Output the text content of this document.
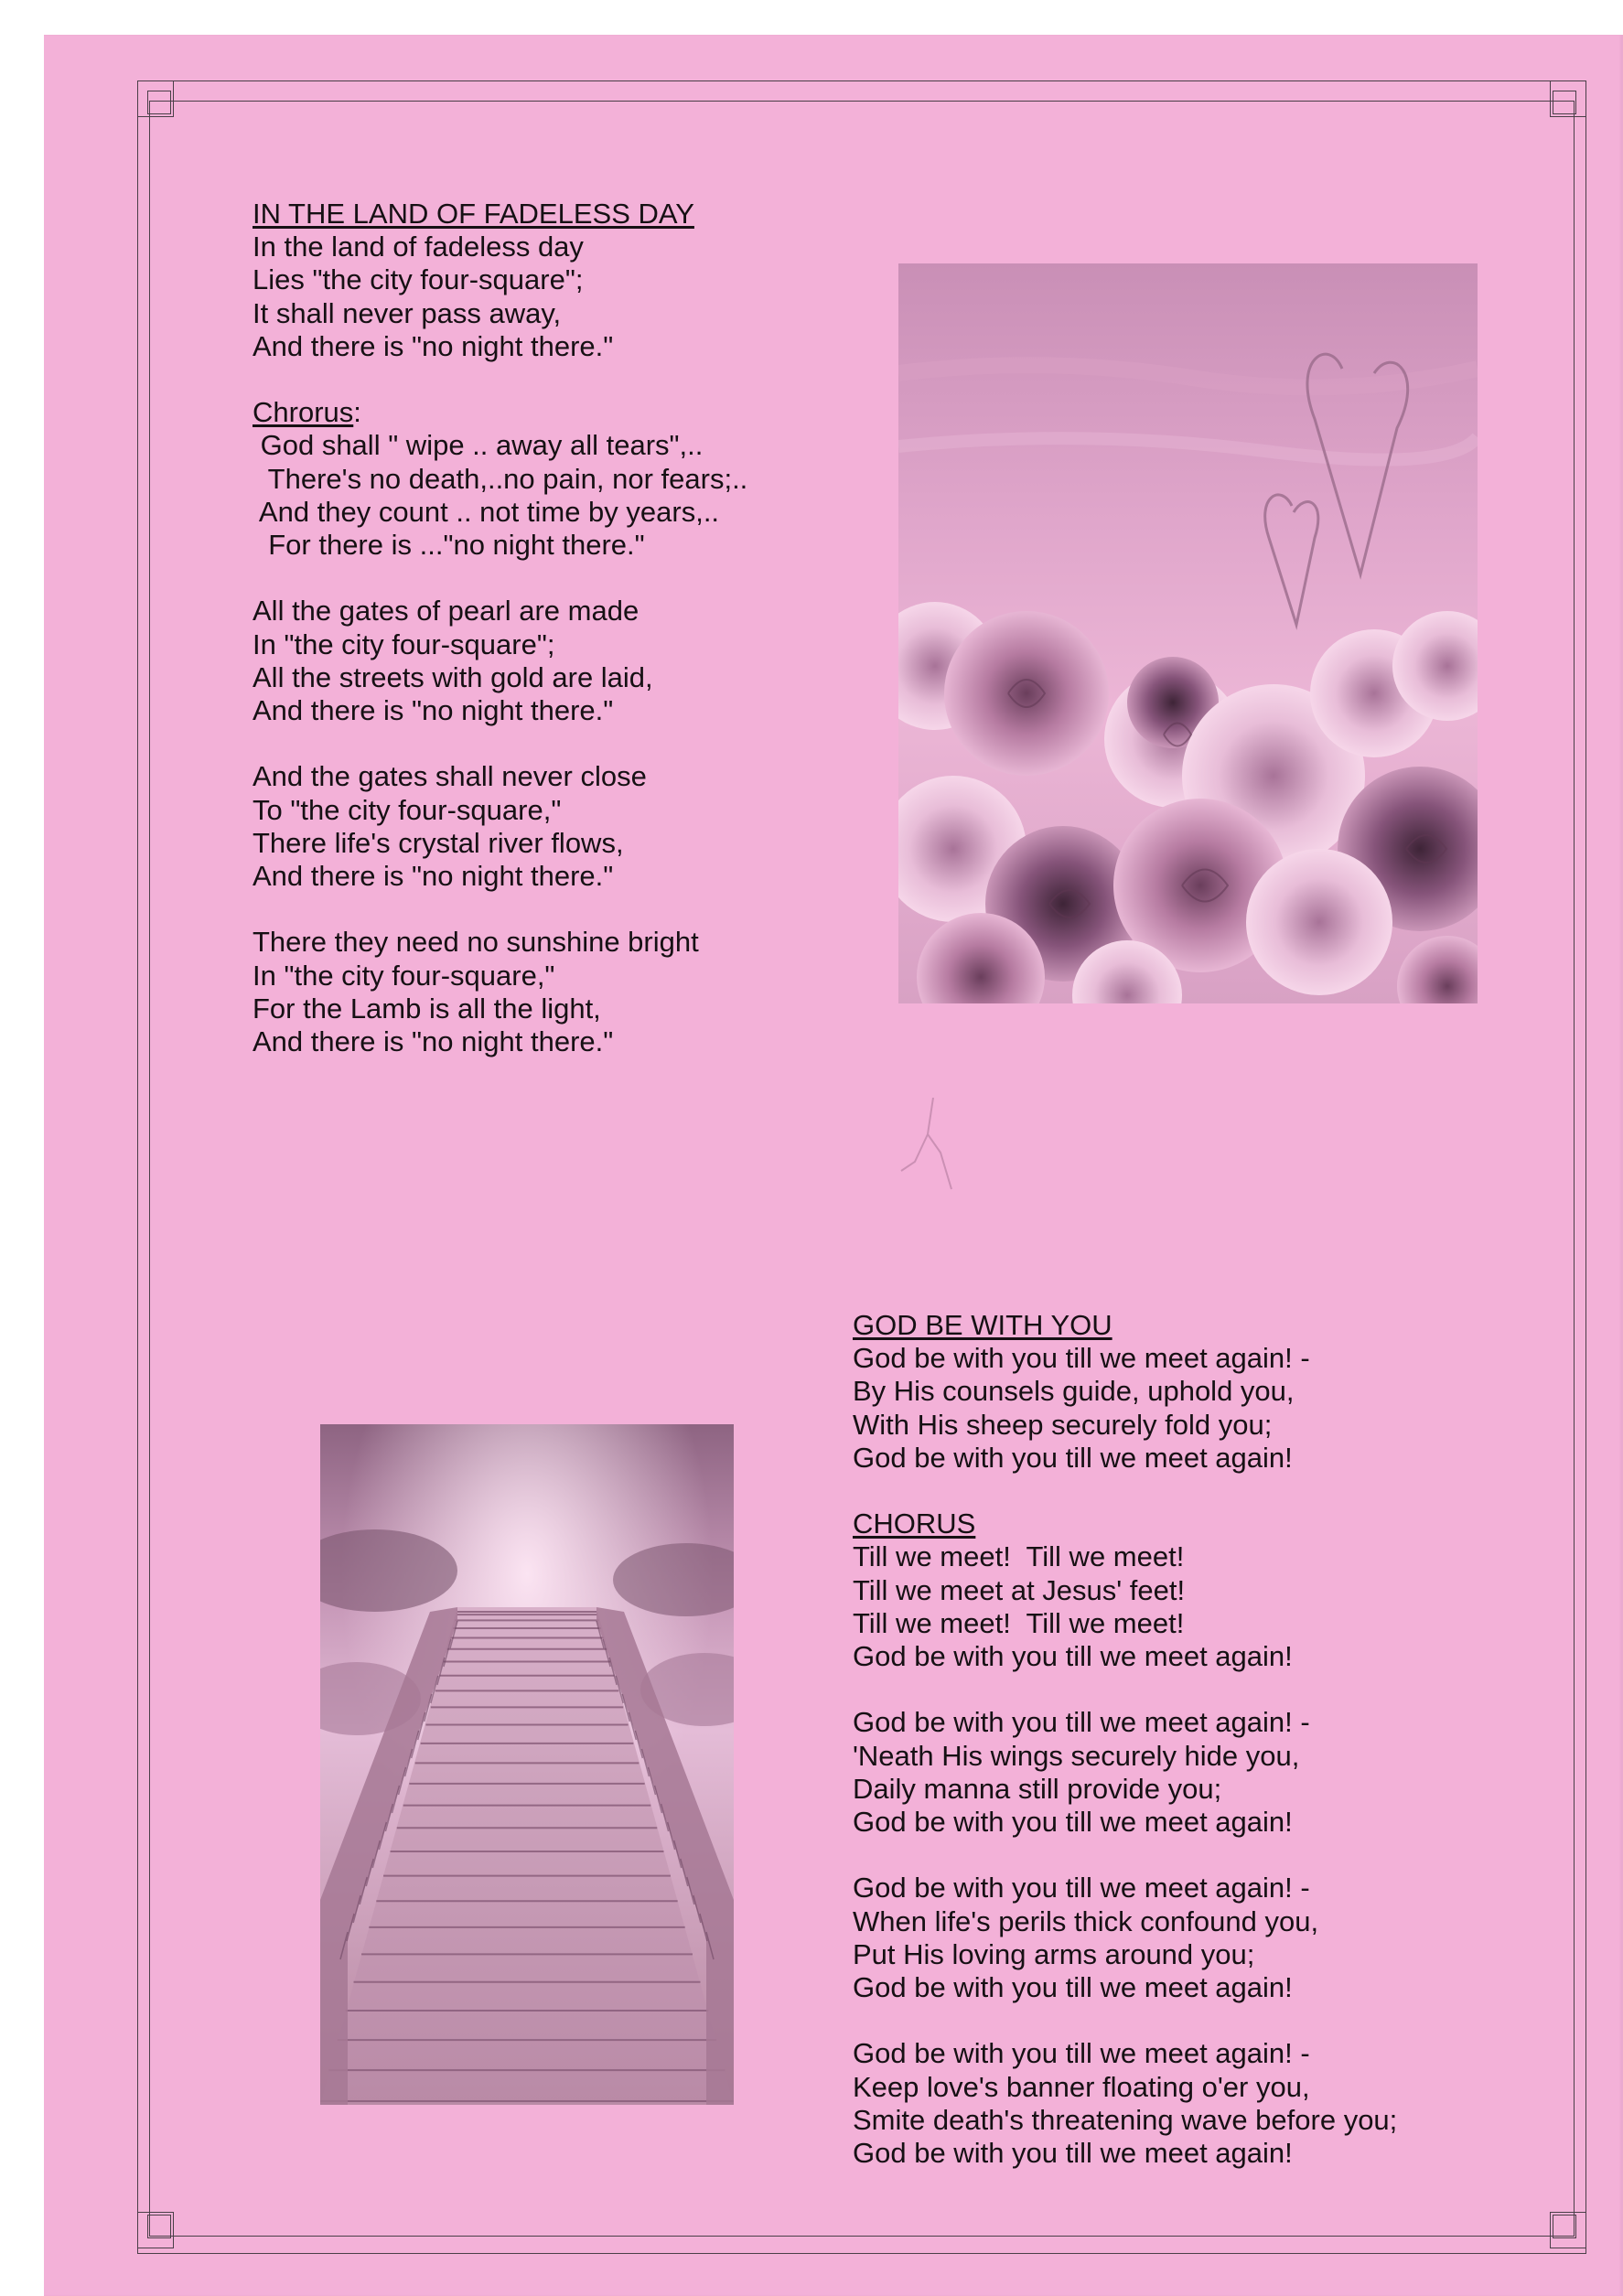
IN THE LAND OF FADELESS DAY
In the land of fadeless day
Lies "the city four-square";
It shall never pass away,
And there is "no night there."
Chrorus:
God shall " wipe .. away all tears",..
There's no death,..no pain, nor fears;..
And they count .. not time by years,..
For there is ..."no night there."
All the gates of pearl are made
In "the city four-square";
All the streets with gold are laid,
And there is "no night there."
And the gates shall never close
To "the city four-square,"
There life's crystal river flows,
And there is "no night there."
There they need no sunshine bright
In "the city four-square,"
For the Lamb is all the light,
And there is "no night there."
GOD BE WITH YOU
God be with you till we meet again! -
By His counsels guide, uphold you,
With His sheep securely fold you;
God be with you till we meet again!
CHORUS
Till we meet!  Till we meet!
Till we meet at Jesus' feet!
Till we meet!  Till we meet!
God be with you till we meet again!
God be with you till we meet again! -
'Neath His wings securely hide you,
Daily manna still provide you;
God be with you till we meet again!
God be with you till we meet again! -
When life's perils thick confound you,
Put His loving arms around you;
God be with you till we meet again!
God be with you till we meet again! -
Keep love's banner floating o'er you,
Smite death's threatening wave before you;
God be with you till we meet again!
